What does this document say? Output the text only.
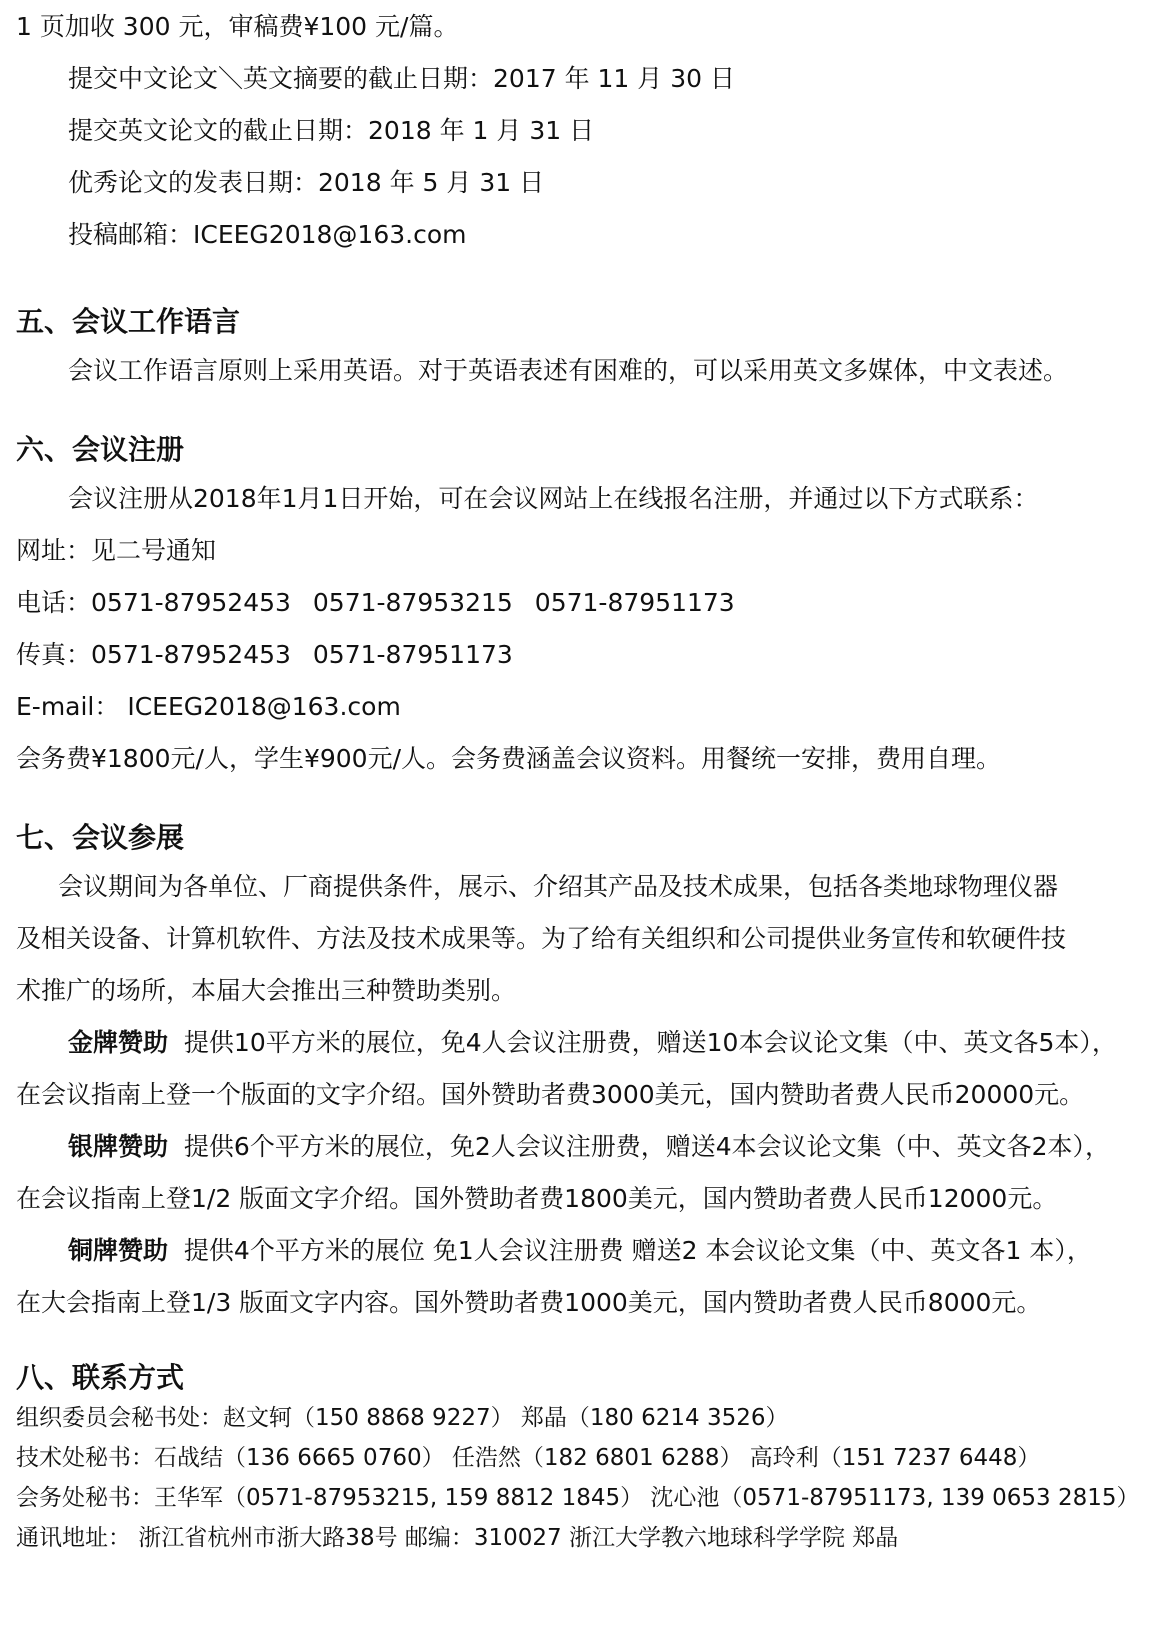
1 页加收 300 元，审稿费¥100 元/篇。
提交中文论文＼英文摘要的截止日期：2017 年 11 月 30 日
提交英文论文的截止日期：2018 年 1 月 31 日
优秀论文的发表日期：2018 年 5 月 31 日
投稿邮箱：ICEEG2018@163.com
五、会议工作语言
会议工作语言原则上采用英语。对于英语表述有困难的，可以采用英文多媒体，中文表述。
六、会议注册
会议注册从2018年1月1日开始，可在会议网站上在线报名注册，并通过以下方式联系：
网址：见二号通知
电话：0571-87952453 0571-87953215 0571-87951173
传真：0571-87952453 0571-87951173
E-mail： ICEEG2018@163.com
会务费¥1800元/人，学生¥900元/人。会务费涵盖会议资料。用餐统一安排，费用自理。
七、会议参展
会议期间为各单位、厂商提供条件，展示、介绍其产品及技术成果，包括各类地球物理仪器
及相关设备、计算机软件、方法及技术成果等。为了给有关组织和公司提供业务宣传和软硬件技
术推广的场所，本届大会推出三种赞助类别。
金牌赞助 提供10平方米的展位，免4人会议注册费，赠送10本会议论文集（中、英文各5本），
在会议指南上登一个版面的文字介绍。国外赞助者费3000美元，国内赞助者费人民币20000元。
银牌赞助 提供6个平方米的展位，免2人会议注册费，赠送4本会议论文集（中、英文各2本），
在会议指南上登1/2 版面文字介绍。国外赞助者费1800美元，国内赞助者费人民币12000元。
铜牌赞助 提供4个平方米的展位 免1人会议注册费 赠送2 本会议论文集（中、英文各1 本），
在大会指南上登1/3 版面文字内容。国外赞助者费1000美元，国内赞助者费人民币8000元。
八、联系方式
组织委员会秘书处：赵文轲（150 8868 9227） 郑晶（180 6214 3526）
技术处秘书：石战结（136 6665 0760） 任浩然（182 6801 6288） 高玲利（151 7237 6448）
会务处秘书：王华军（0571-87953215, 159 8812 1845） 沈心池（0571-87951173, 139 0653 2815）
通讯地址： 浙江省杭州市浙大路38号 邮编：310027 浙江大学教六地球科学学院 郑晶
